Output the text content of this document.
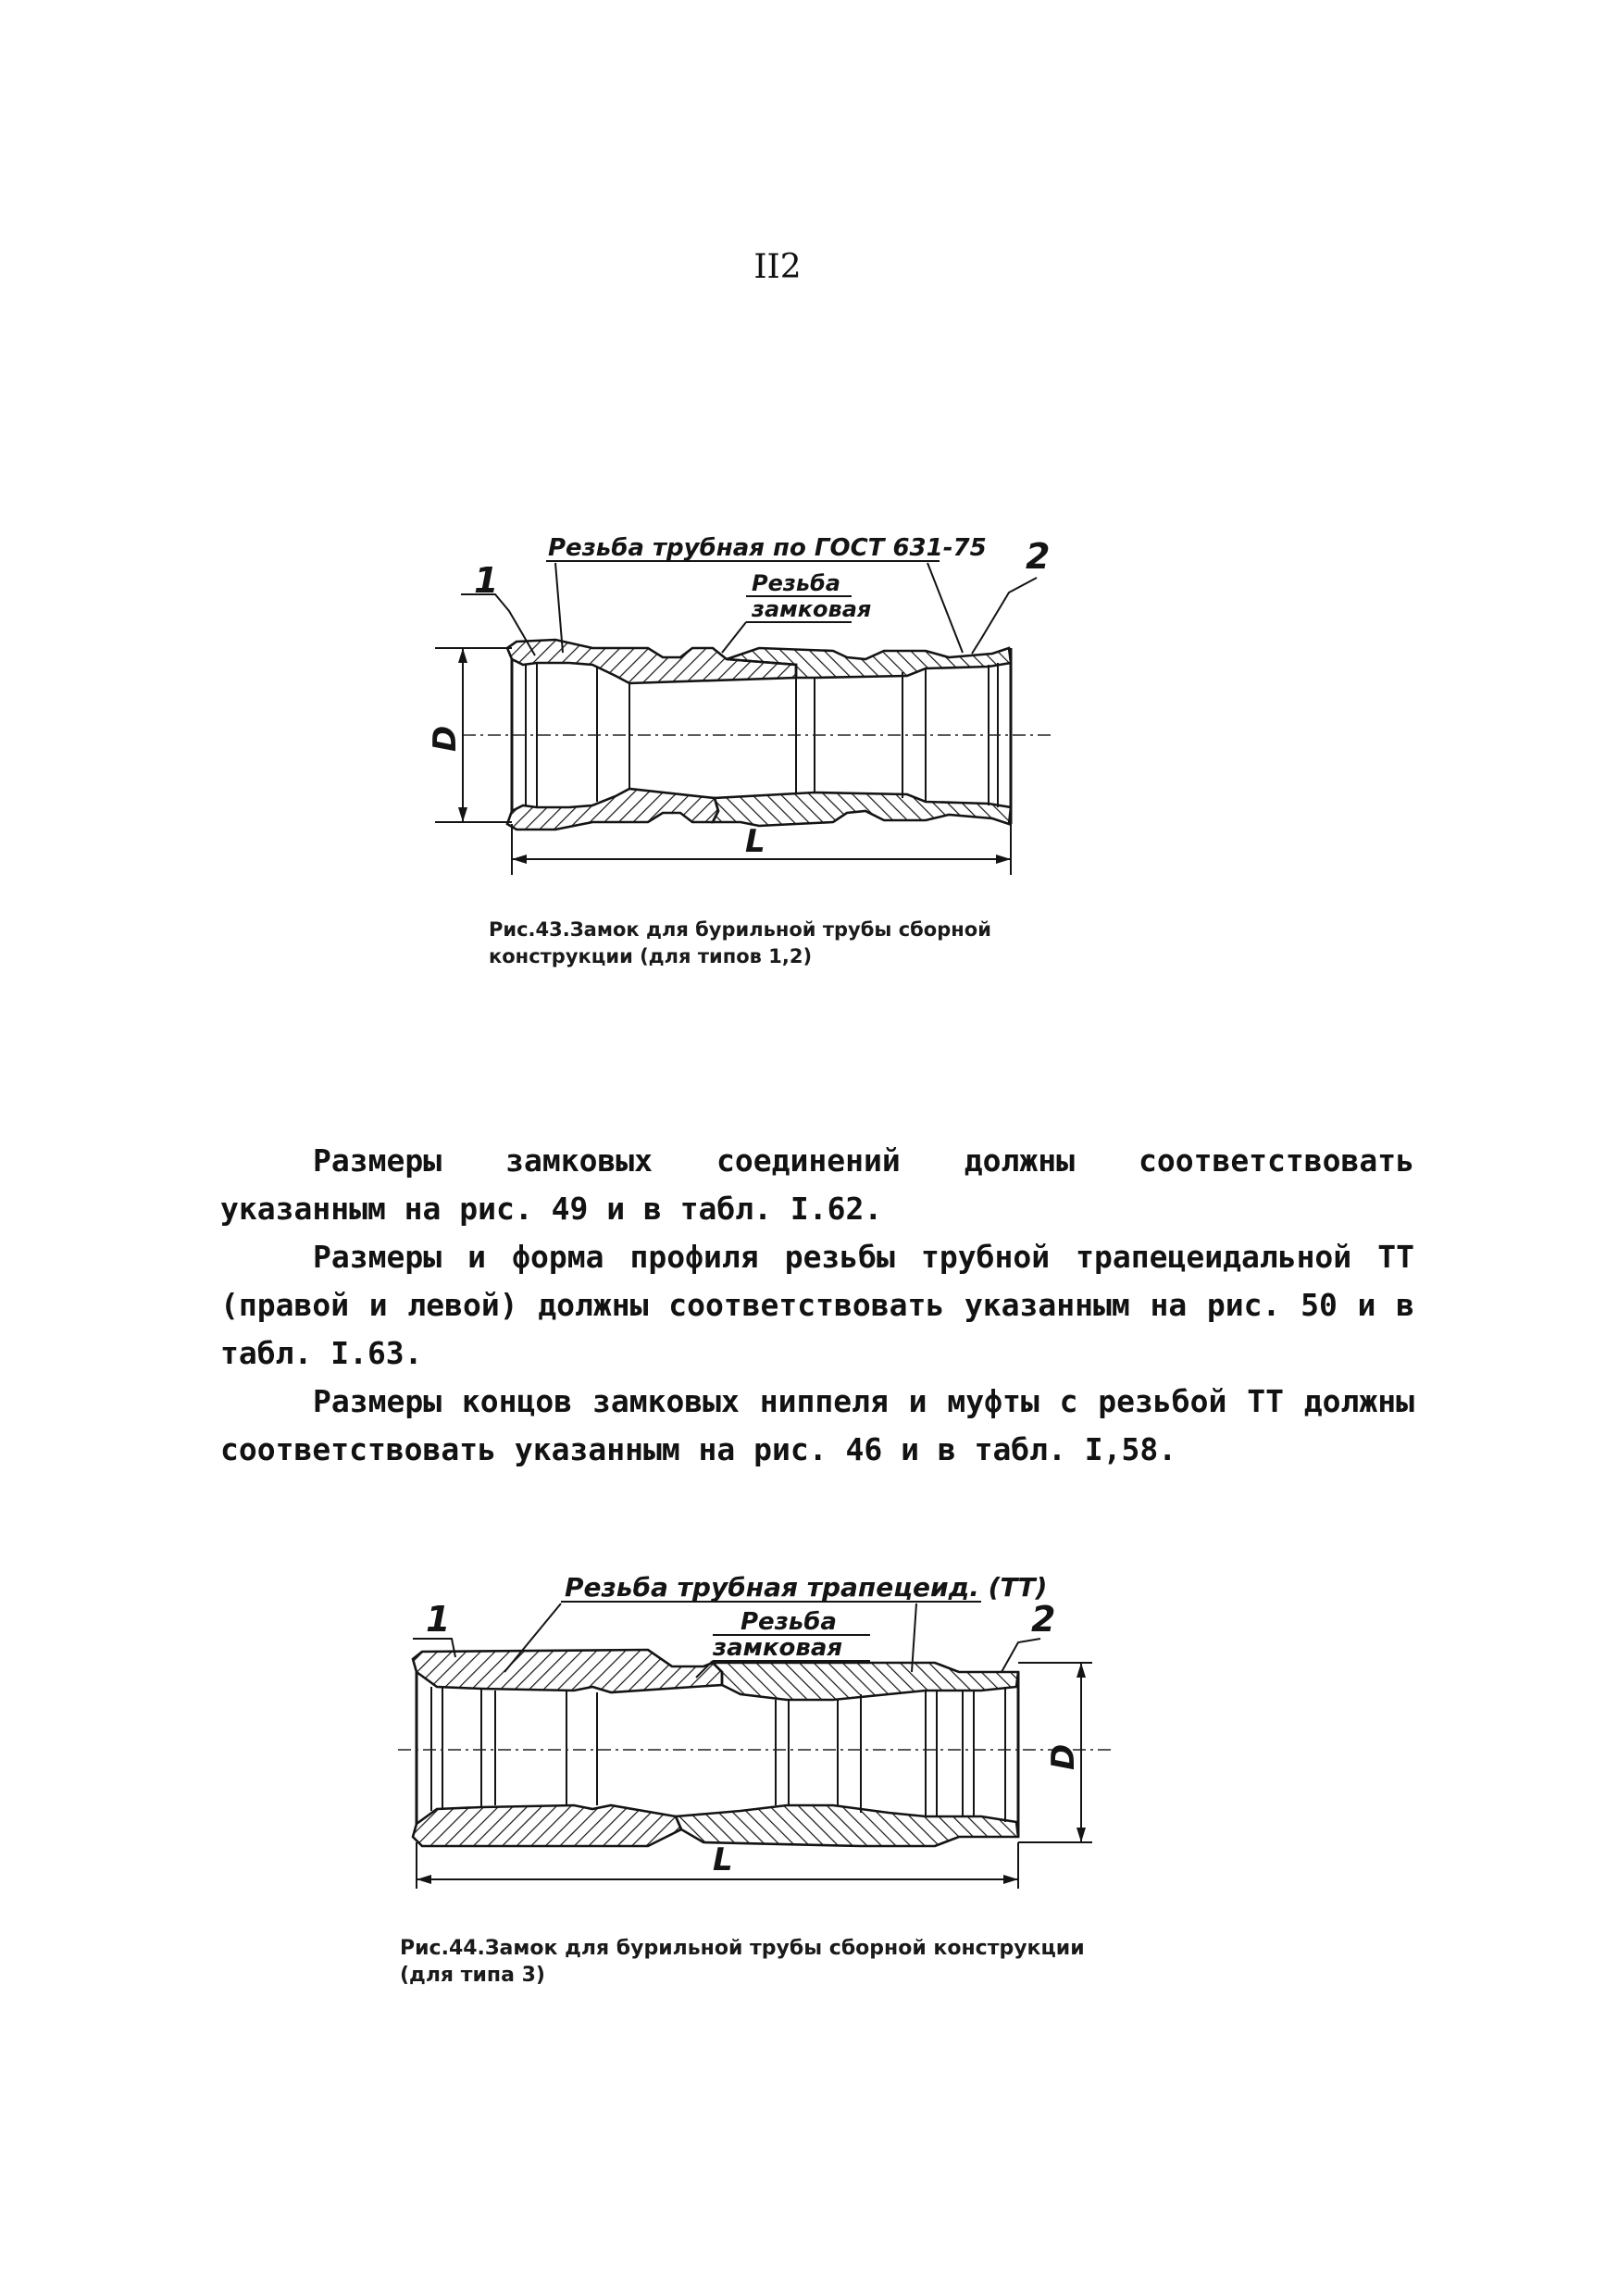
II2
D
L
1
2
Резьба трубная по ГОСТ 631-75
Резьба
замковая
Рис.43.Замок для бурильной трубы сборной
конструкции (для типов 1,2)

Размеры замковых соединений должны соответствовать указанным на рис. 49 и в табл. I.62.

Размеры и форма профиля резьбы трубной трапецеидальной ТТ (правой и левой) должны соответствовать указанным на рис. 50 и в табл. I.63.

Размеры концов замковых ниппеля и муфты с резьбой ТТ должны соответствовать указанным на рис. 46 и в табл. I,58.

D
L
1	2
Резьба трубная трапецеид. (ТТ)
Резьба
замковая
Рис.44.Замок для бурильной трубы сборной конструкции
(для типа 3)
